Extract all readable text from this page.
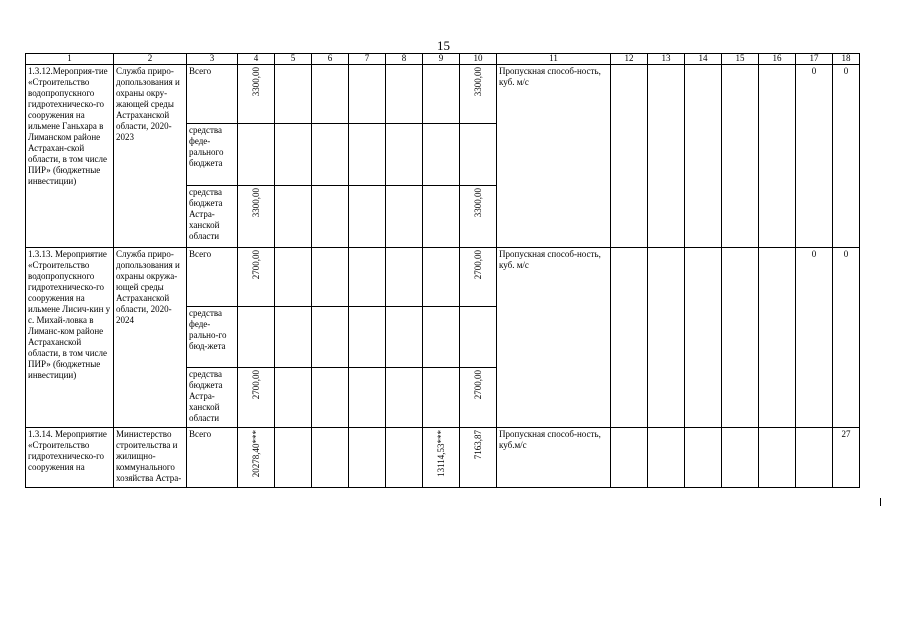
15
1	2	3	4	5	6	7	8	9	10	11	12	13	14	15	16	17	18
1.3.12.Мероприя-тие «Строительство водопропускного гидротехническо-го сооружения на ильмене Ганьхара в Лиманском районе Астрахан-ской области, в том числе ПИР» (бюджетные инвестиции)	Служба приро-допользования и охраны окру-жающей среды Астраханской области, 2020-2023	Всего	3300,00						3300,00	Пропускная способ-ность, куб. м/с						0	0
		средства феде-рального бюджета															
		средства бюджета Астра-ханской области	3300,00						3300,00								

1.3.13. Мероприятие «Строительство водопропускного гидротехническо-го сооружения на ильмене Лисич-кин у с. Михай-ловка в Лиманс-ком районе Астраханской области, в том числе ПИР» (бюджетные инвестиции)	Служба приро-допользования и охраны окружа-ющей среды Астраханской области, 2020-2024	Всего	2700,00						2700,00	Пропускная способ-ность, куб. м/с						0	0
		средства феде-рально-го бюд-жета															
		средства бюджета Астра-ханской области	2700,00						2700,00								

1.3.14. Мероприятие «Строительство гидротехническо-го сооружения на	Министерство строительства и жилищно-коммунального хозяйства Астра-	Всего	20278,40***					13114,53***	7163,87	Пропускная способ-ность, куб.м/с							27
